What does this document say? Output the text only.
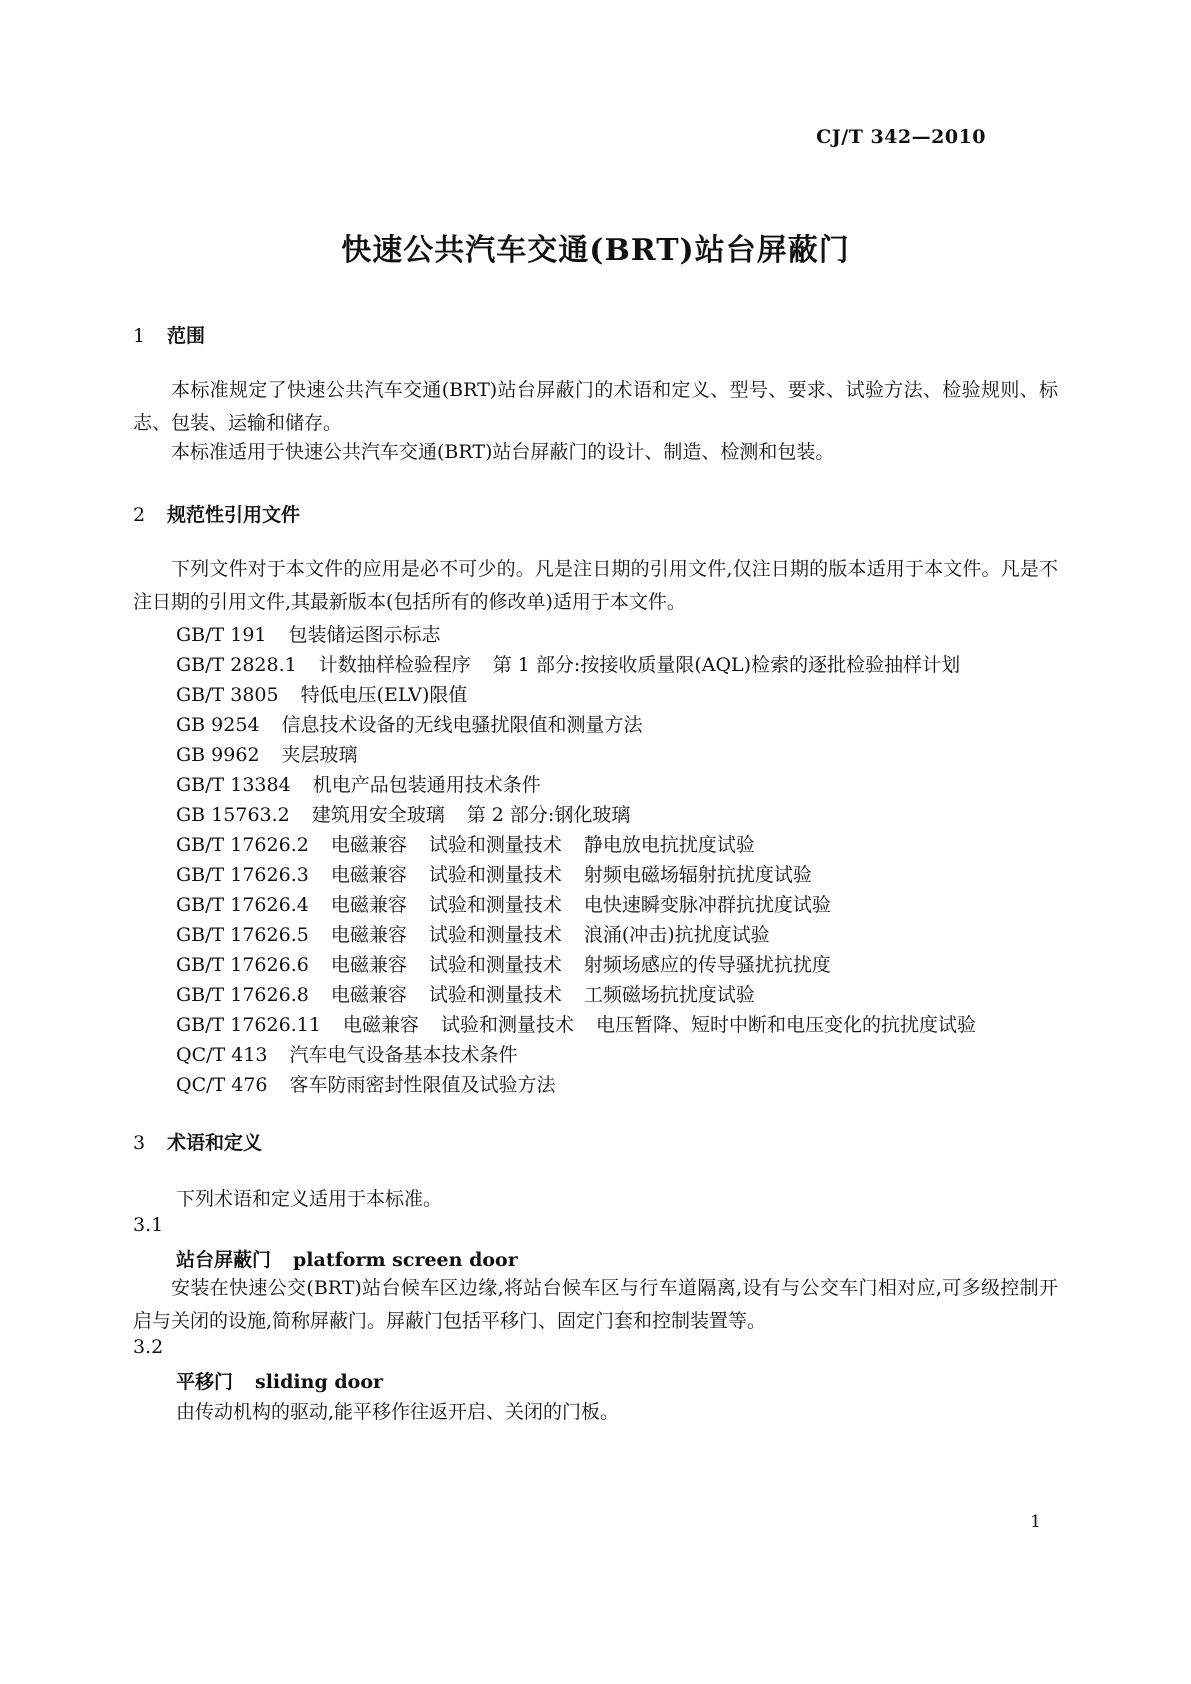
CJ/T 342—2010
快速公共汽车交通(BRT)站台屏蔽门
1 范围
本标准规定了快速公共汽车交通(BRT)站台屏蔽门的术语和定义、型号、要求、试验方法、检验规则、标志、包装、运输和储存。
本标准适用于快速公共汽车交通(BRT)站台屏蔽门的设计、制造、检测和包装。
2 规范性引用文件
下列文件对于本文件的应用是必不可少的。凡是注日期的引用文件,仅注日期的版本适用于本文件。凡是不注日期的引用文件,其最新版本(包括所有的修改单)适用于本文件。
GB/T 191 包装储运图示标志
GB/T 2828.1 计数抽样检验程序 第 1 部分:按接收质量限(AQL)检索的逐批检验抽样计划
GB/T 3805 特低电压(ELV)限值
GB 9254 信息技术设备的无线电骚扰限值和测量方法
GB 9962 夹层玻璃
GB/T 13384 机电产品包装通用技术条件
GB 15763.2 建筑用安全玻璃 第 2 部分:钢化玻璃
GB/T 17626.2 电磁兼容 试验和测量技术 静电放电抗扰度试验
GB/T 17626.3 电磁兼容 试验和测量技术 射频电磁场辐射抗扰度试验
GB/T 17626.4 电磁兼容 试验和测量技术 电快速瞬变脉冲群抗扰度试验
GB/T 17626.5 电磁兼容 试验和测量技术 浪涌(冲击)抗扰度试验
GB/T 17626.6 电磁兼容 试验和测量技术 射频场感应的传导骚扰抗扰度
GB/T 17626.8 电磁兼容 试验和测量技术 工频磁场抗扰度试验
GB/T 17626.11 电磁兼容 试验和测量技术 电压暂降、短时中断和电压变化的抗扰度试验
QC/T 413 汽车电气设备基本技术条件
QC/T 476 客车防雨密封性限值及试验方法
3 术语和定义
下列术语和定义适用于本标准。
3.1
站台屏蔽门 platform screen door
安装在快速公交(BRT)站台候车区边缘,将站台候车区与行车道隔离,设有与公交车门相对应,可多级控制开启与关闭的设施,简称屏蔽门。屏蔽门包括平移门、固定门套和控制装置等。
3.2
平移门 sliding door
由传动机构的驱动,能平移作往返开启、关闭的门板。
1
